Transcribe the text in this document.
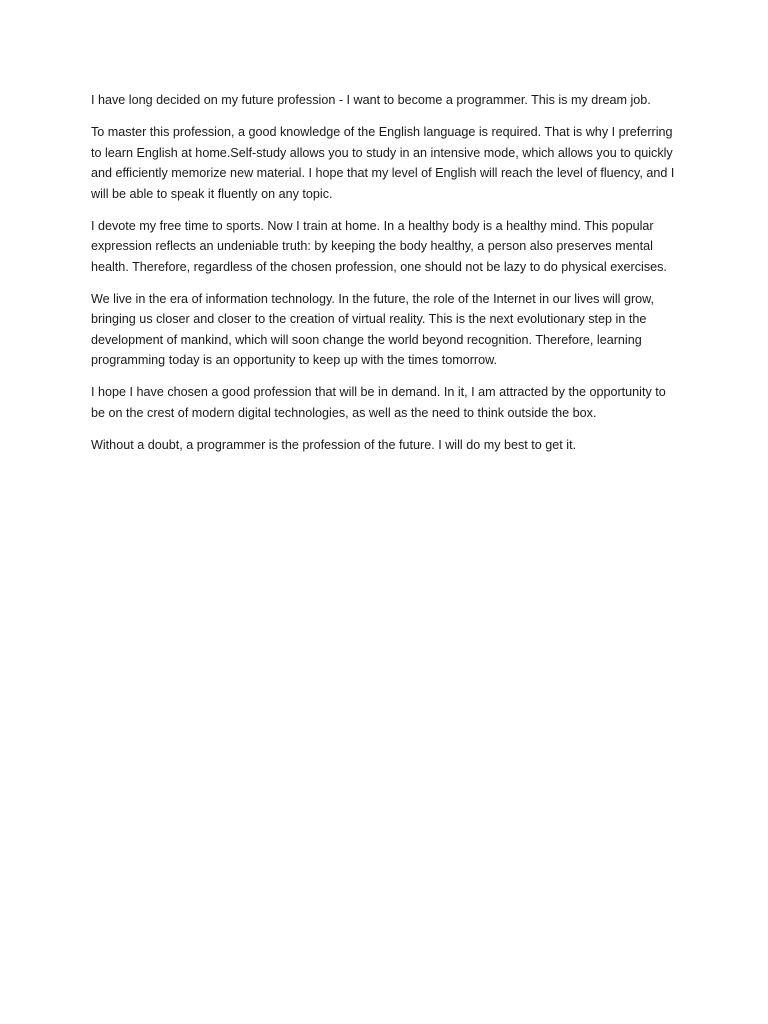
I have long decided on my future profession - I want to become a programmer. This is my dream job.

To master this profession, a good knowledge of the English language is required. That is why I preferring to learn English at home.Self-study allows you to study in an intensive mode, which allows you to quickly and efficiently memorize new material. I hope that my level of English will reach the level of fluency, and I will be able to speak it fluently on any topic.

I devote my free time to sports. Now I train at home. In a healthy body is a healthy mind. This popular expression reflects an undeniable truth: by keeping the body healthy, a person also preserves mental health. Therefore, regardless of the chosen profession, one should not be lazy to do physical exercises.

We live in the era of information technology. In the future, the role of the Internet in our lives will grow, bringing us closer and closer to the creation of virtual reality. This is the next evolutionary step in the development of mankind, which will soon change the world beyond recognition. Therefore, learning programming today is an opportunity to keep up with the times tomorrow.

I hope I have chosen a good profession that will be in demand. In it, I am attracted by the opportunity to be on the crest of modern digital technologies, as well as the need to think outside the box.

Without a doubt, a programmer is the profession of the future. I will do my best to get it.
